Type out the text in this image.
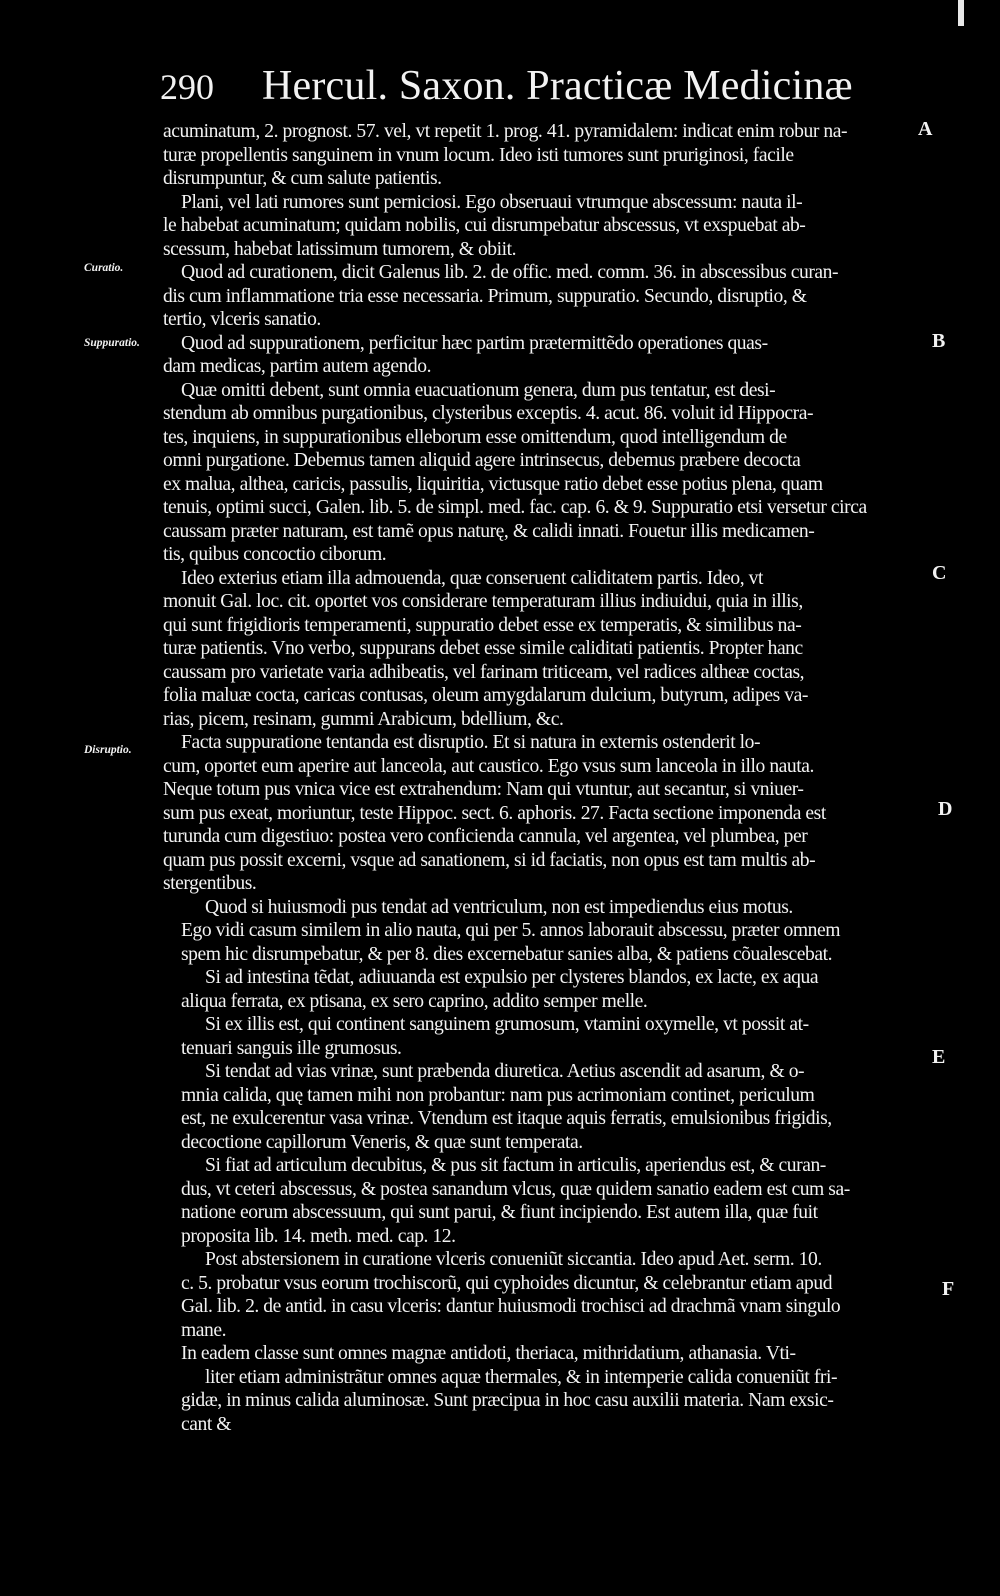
290 Hercul. Saxon. Practicæ Medicinæ
Curatio.
Suppuratio.
Disruptio.
A
B
C
D
E
F
acuminatum, 2. prognost. 57. vel, vt repetit 1. prog. 41. pyramidalem: indicat enim robur na-
turæ propellentis sanguinem in vnum locum. Ideo isti tumores sunt pruriginosi, facile
disrumpuntur, & cum salute patientis.
Plani, vel lati rumores sunt perniciosi. Ego obseruaui vtrumque abscessum: nauta il-
le habebat acuminatum; quidam nobilis, cui disrumpebatur abscessus, vt exspuebat ab-
scessum, habebat latissimum tumorem, & obiit.
Quod ad curationem, dicit Galenus lib. 2. de offic. med. comm. 36. in abscessibus curan-
dis cum inflammatione tria esse necessaria. Primum, suppuratio. Secundo, disruptio, &
tertio, vlceris sanatio.
Quod ad suppurationem, perficitur hæc partim prætermittẽdo operationes quas-
dam medicas, partim autem agendo.
Quæ omitti debent, sunt omnia euacuationum genera, dum pus tentatur, est desi-
stendum ab omnibus purgationibus, clysteribus exceptis. 4. acut. 86. voluit id Hippocra-
tes, inquiens, in suppurationibus elleborum esse omittendum, quod intelligendum de
omni purgatione. Debemus tamen aliquid agere intrinsecus, debemus præbere decocta
ex malua, althea, caricis, passulis, liquiritia, victusque ratio debet esse potius plena, quam
tenuis, optimi succi, Galen. lib. 5. de simpl. med. fac. cap. 6. & 9. Suppuratio etsi versetur circa
caussam præter naturam, est tamẽ opus naturę, & calidi innati. Fouetur illis medicamen-
tis, quibus concoctio ciborum.
Ideo exterius etiam illa admouenda, quæ conseruent caliditatem partis. Ideo, vt
monuit Gal. loc. cit. oportet vos considerare temperaturam illius indiuidui, quia in illis,
qui sunt frigidioris temperamenti, suppuratio debet esse ex temperatis, & similibus na-
turæ patientis. Vno verbo, suppurans debet esse simile caliditati patientis. Propter hanc
caussam pro varietate varia adhibeatis, vel farinam triticeam, vel radices altheæ coctas,
folia maluæ cocta, caricas contusas, oleum amygdalarum dulcium, butyrum, adipes va-
rias, picem, resinam, gummi Arabicum, bdellium, &c.
Facta suppuratione tentanda est disruptio. Et si natura in externis ostenderit lo-
cum, oportet eum aperire aut lanceola, aut caustico. Ego vsus sum lanceola in illo nauta.
Neque totum pus vnica vice est extrahendum: Nam qui vtuntur, aut secantur, si vniuer-
sum pus exeat, moriuntur, teste Hippoc. sect. 6. aphoris. 27. Facta sectione imponenda est
turunda cum digestiuo: postea vero conficienda cannula, vel argentea, vel plumbea, per
quam pus possit excerni, vsque ad sanationem, si id faciatis, non opus est tam multis ab-
stergentibus.
Quod si huiusmodi pus tendat ad ventriculum, non est impediendus eius motus.
Ego vidi casum similem in alio nauta, qui per 5. annos laborauit abscessu, præter omnem
spem hic disrumpebatur, & per 8. dies excernebatur sanies alba, & patiens cõualescebat.
Si ad intestina tẽdat, adiuuanda est expulsio per clysteres blandos, ex lacte, ex aqua
aliqua ferrata, ex ptisana, ex sero caprino, addito semper melle.
Si ex illis est, qui continent sanguinem grumosum, vtamini oxymelle, vt possit at-
tenuari sanguis ille grumosus.
Si tendat ad vias vrinæ, sunt præbenda diuretica. Aetius ascendit ad asarum, & o-
mnia calida, quę tamen mihi non probantur: nam pus acrimoniam continet, periculum
est, ne exulcerentur vasa vrinæ. Vtendum est itaque aquis ferratis, emulsionibus frigidis,
decoctione capillorum Veneris, & quæ sunt temperata.
Si fiat ad articulum decubitus, & pus sit factum in articulis, aperiendus est, & curan-
dus, vt ceteri abscessus, & postea sanandum vlcus, quæ quidem sanatio eadem est cum sa-
natione eorum abscessuum, qui sunt parui, & fiunt incipiendo. Est autem illa, quæ fuit
proposita lib. 14. meth. med. cap. 12.
Post abstersionem in curatione vlceris conueniũt siccantia. Ideo apud Aet. serm. 10.
c. 5. probatur vsus eorum trochiscorũ, qui cyphoides dicuntur, & celebrantur etiam apud
Gal. lib. 2. de antid. in casu vlceris: dantur huiusmodi trochisci ad drachmã vnam singulo
mane.
In eadem classe sunt omnes magnæ antidoti, theriaca, mithridatium, athanasia. Vti-
liter etiam administrãtur omnes aquæ thermales, & in intemperie calida conueniũt fri-
gidæ, in minus calida aluminosæ. Sunt præcipua in hoc casu auxilii materia. Nam exsic-
cant &
